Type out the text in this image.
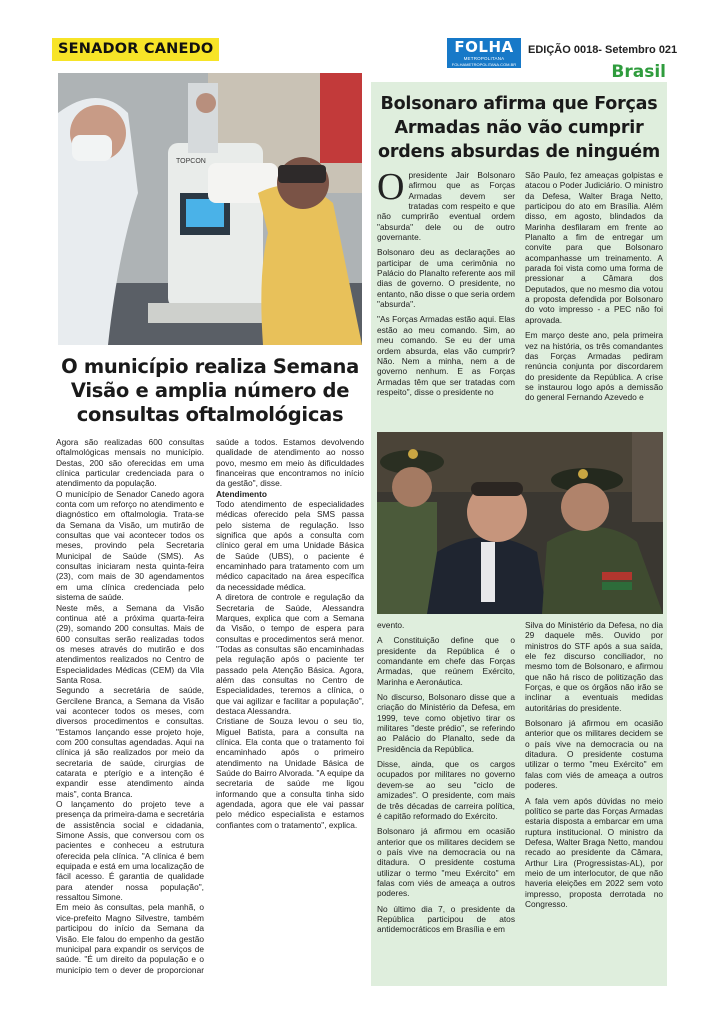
SENADOR CANEDO	FOLHA
METROPOLITANA
FOLHAMETROPOLITANA.COM.BR
EDIÇÃO 0018- Setembro 021
Brasil
TOPCON
O município realiza Semana Visão e amplia número de consultas oftalmológicas

Agora são realizadas 600 consultas oftalmológicas mensais no município. Destas, 200 são oferecidas em uma clínica particular credenciada para o atendimento da população.

O município de Senador Canedo agora conta com um reforço no atendimento e diagnóstico em oftalmologia. Trata-se da Semana da Visão, um mutirão de consultas que vai acontecer todos os meses, provindo pela Secretaria Municipal de Saúde (SMS). As consultas iniciaram nesta quinta-feira (23), com mais de 30 agendamentos em uma clínica credenciada pelo sistema de saúde.

Neste mês, a Semana da Visão continua até a próxima quarta-feira (29), somando 200 consultas. Mais de 600 consultas serão realizadas todos os meses através do mutirão e dos atendimentos realizados no Centro de Especialidades Médicas (CEM) da Vila Santa Rosa.

Segundo a secretária de saúde, Gercilene Branca, a Semana da Visão vai acontecer todos os meses, com diversos procedimentos e consultas. "Estamos lançando esse projeto hoje, com 200 consultas agendadas. Aqui na clínica já são realizados por meio da secretaria de saúde, cirurgias de catarata e pterígio e a intenção é expandir esse atendimento ainda mais", conta Branca.

O lançamento do projeto teve a presença da primeira-dama e secretária de assistência social e cidadania, Simone Assis, que conversou com os pacientes e conheceu a estrutura oferecida pela clínica. "A clínica é bem equipada e está em uma localização de fácil acesso. É garantia de qualidade para atender nossa população", ressaltou Simone.

Em meio às consultas, pela manhã, o vice-prefeito Magno Silvestre, também participou do início da Semana da Visão. Ele falou do empenho da gestão municipal para expandir os serviços de saúde. "É um direito da população e o município tem o dever de proporcionar saúde a todos. Estamos devolvendo qualidade de atendimento ao nosso povo, mesmo em meio às dificuldades financeiras que encontramos no início da gestão", disse.

Atendimento

Todo atendimento de especialidades médicas oferecido pela SMS passa pelo sistema de regulação. Isso significa que após a consulta com clínico geral em uma Unidade Básica de Saúde (UBS), o paciente é encaminhado para tratamento com um médico capacitado na área específica da necessidade médica.

A diretora de controle e regulação da Secretaria de Saúde, Alessandra Marques, explica que com a Semana da Visão, o tempo de espera para consultas e procedimentos será menor. "Todas as consultas são encaminhadas pela regulação após o paciente ter passado pela Atenção Básica. Agora, além das consultas no Centro de Especialidades, teremos a clínica, o que vai agilizar e facilitar a população", destaca Alessandra.

Cristiane de Souza levou o seu tio, Miguel Batista, para a consulta na clínica. Ela conta que o tratamento foi encaminhado após o primeiro atendimento na Unidade Básica de Saúde do Bairro Alvorada. "A equipe da secretaria de saúde me ligou informando que a consulta tinha sido agendada, agora que ele vai passar pelo médico especialista e estamos confiantes com o tratamento", explica.

Bolsonaro afirma que Forças Armadas não vão cumprir ordens absurdas de ninguém

Opresidente Jair Bolsonaro afirmou que as Forças Armadas devem ser tratadas com respeito e que não cumprirão eventual ordem "absurda" dele ou de outro governante.

Bolsonaro deu as declarações ao participar de uma cerimônia no Palácio do Planalto referente aos mil dias de governo. O presidente, no entanto, não disse o que seria ordem "absurda".

"As Forças Armadas estão aqui. Elas estão ao meu comando. Sim, ao meu comando. Se eu der uma ordem absurda, elas vão cumprir? Não. Nem a minha, nem a de governo nenhum. E as Forças Armadas têm que ser tratadas com respeito", disse o presidente no

São Paulo, fez ameaças golpistas e atacou o Poder Judiciário. O ministro da Defesa, Walter Braga Netto, participou do ato em Brasília. Além disso, em agosto, blindados da Marinha desfilaram em frente ao Planalto a fim de entregar um convite para que Bolsonaro acompanhasse um treinamento. A parada foi vista como uma forma de pressionar a Câmara dos Deputados, que no mesmo dia votou a proposta defendida por Bolsonaro do voto impresso - a PEC não foi aprovada.

Em março deste ano, pela primeira vez na história, os três comandantes das Forças Armadas pediram renúncia conjunta por discordarem do presidente da República. A crise se instaurou logo após a demissão do general Fernando Azevedo e

evento.

A Constituição define que o presidente da República é o comandante em chefe das Forças Armadas, que reúnem Exército, Marinha e Aeronáutica.

No discurso, Bolsonaro disse que a criação do Ministério da Defesa, em 1999, teve como objetivo tirar os militares "deste prédio", se referindo ao Palácio do Planalto, sede da Presidência da República.

Disse, ainda, que os cargos ocupados por militares no governo devem-se ao seu "ciclo de amizades". O presidente, com mais de três décadas de carreira política, é capitão reformado do Exército.

Bolsonaro já afirmou em ocasião anterior que os militares decidem se o país vive na democracia ou na ditadura. O presidente costuma utilizar o termo "meu Exército" em falas com viés de ameaça a outros poderes.

No último dia 7, o presidente da República participou de atos antidemocráticos em Brasília e em

Silva do Ministério da Defesa, no dia 29 daquele mês. Ouvido por ministros do STF após a sua saída, ele fez discurso conciliador, no mesmo tom de Bolsonaro, e afirmou que não há risco de politização das Forças, e que os órgãos não irão se inclinar a eventuais medidas autoritárias do presidente.

Bolsonaro já afirmou em ocasião anterior que os militares decidem se o país vive na democracia ou na ditadura. O presidente costuma utilizar o termo "meu Exército" em falas com viés de ameaça a outros poderes.

A fala vem após dúvidas no meio político se parte das Forças Armadas estaria disposta a embarcar em uma ruptura institucional. O ministro da Defesa, Walter Braga Netto, mandou recado ao presidente da Câmara, Arthur Lira (Progressistas-AL), por meio de um interlocutor, de que não haveria eleições em 2022 sem voto impresso, proposta derrotada no Congresso.
